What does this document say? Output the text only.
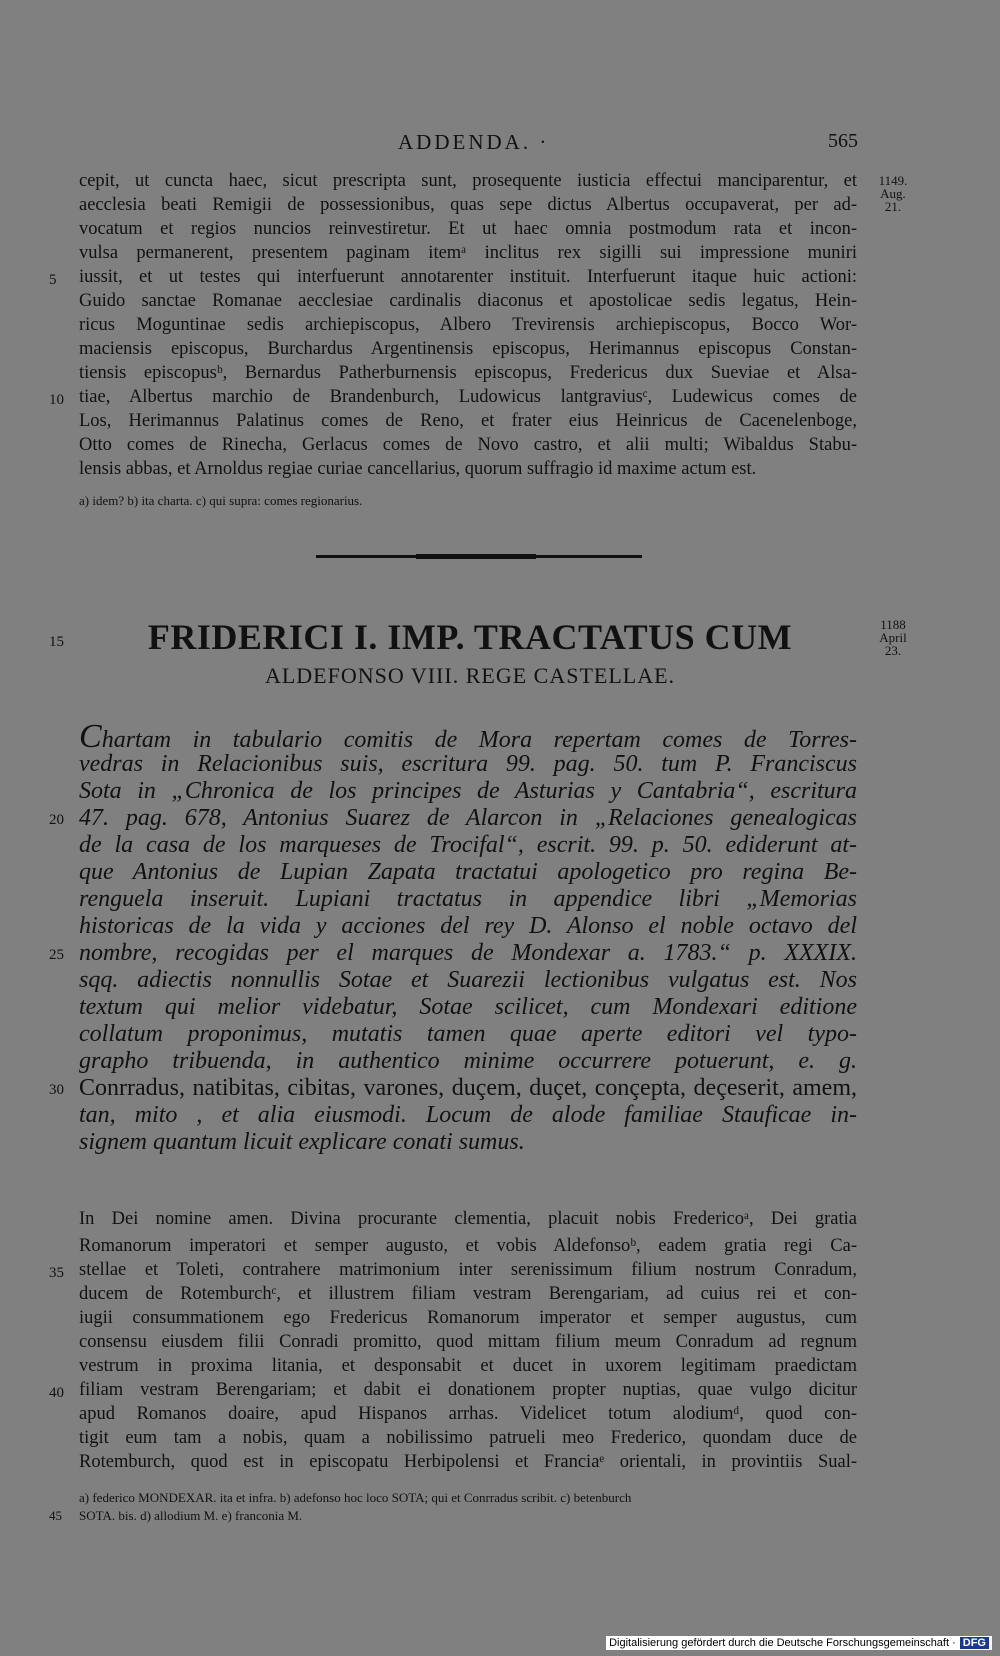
ADDENDA. ·	565
cepit, ut cuncta haec, sicut prescripta sunt, prosequente iusticia effectui manciparentur, et
aecclesia beati Remigii de possessionibus, quas sepe dictus Albertus occupaverat, per ad-
vocatum et regios nuncios reinvestiretur. Et ut haec omnia postmodum rata et incon-
vulsa permanerent, presentem paginam itemᵃ inclitus rex sigilli sui impressione muniri
iussit, et ut testes qui interfuerunt annotarenter instituit. Interfuerunt itaque huic actioni:
Guido sanctae Romanae aecclesiae cardinalis diaconus et apostolicae sedis legatus, Hein-
ricus Moguntinae sedis archiepiscopus, Albero Trevirensis archiepiscopus, Bocco Wor-
maciensis episcopus, Burchardus Argentinensis episcopus, Herimannus episcopus Constan-
tiensis episcopusᵇ, Bernardus Patherburnensis episcopus, Fredericus dux Sueviae et Alsa-
tiae, Albertus marchio de Brandenburch, Ludowicus lantgraviusᶜ, Ludewicus comes de
Los, Herimannus Palatinus comes de Reno, et frater eius Heinricus de Cacenelenboge,
Otto comes de Rinecha, Gerlacus comes de Novo castro, et alii multi; Wibaldus Stabu-
lensis abbas, et Arnoldus regiae curiae cancellarius, quorum suffragio id maxime actum est.
5
10
1149.
Aug.
21.
a) idem? b) ita charta. c) qui supra: comes regionarius.
15	FRIDERICI I. IMP. TRACTATUS CUM
ALDEFONSO VIII. REGE CASTELLAE.
1188
April
23.
Chartam in tabulario comitis de Mora repertam comes de Torres-
vedras in Relacionibus suis, escritura 99. pag. 50. tum P. Franciscus
Sota in „Chronica de los principes de Asturias y Cantabria“, escritura
47. pag. 678, Antonius Suarez de Alarcon in „Relaciones genealogicas
de la casa de los marqueses de Trocifal“, escrit. 99. p. 50. ediderunt at-
que Antonius de Lupian Zapata tractatui apologetico pro regina Be-
renguela inseruit. Lupiani tractatus in appendice libri „Memorias
historicas de la vida y acciones del rey D. Alonso el noble octavo del
nombre, recogidas per el marques de Mondexar a. 1783.“ p. XXXIX.
sqq. adiectis nonnullis Sotae et Suarezii lectionibus vulgatus est. Nos
textum qui melior videbatur, Sotae scilicet, cum Mondexari editione
collatum proponimus, mutatis tamen quae aperte editori vel typo-
grapho tribuenda, in authentico minime occurrere potuerunt, e. g.
Conrradus, natibitas, cibitas, varones, duçem, duçet, conçepta, deçeserit, amem,
tan, mito , et alia eiusmodi. Locum de alode familiae Stauficae in-
signem quantum licuit explicare conati sumus.
20
25
30
In Dei nomine amen. Divina procurante clementia, placuit nobis Fredericoᵃ, Dei gratia
Romanorum imperatori et semper augusto, et vobis Aldefonsoᵇ, eadem gratia regi Ca-
stellae et Toleti, contrahere matrimonium inter serenissimum filium nostrum Conradum,
ducem de Rotemburchᶜ, et illustrem filiam vestram Berengariam, ad cuius rei et con-
iugii consummationem ego Fredericus Romanorum imperator et semper augustus, cum
consensu eiusdem filii Conradi promitto, quod mittam filium meum Conradum ad regnum
vestrum in proxima litania, et desponsabit et ducet in uxorem legitimam praedictam
filiam vestram Berengariam; et dabit ei donationem propter nuptias, quae vulgo dicitur
apud Romanos doaire, apud Hispanos arrhas. Videlicet totum alodiumᵈ, quod con-
tigit eum tam a nobis, quam a nobilissimo patrueli meo Frederico, quondam duce de
Rotemburch, quod est in episcopatu Herbipolensi et Franciaᵉ orientali, in provintiis Sual-
35
40
a) federico MONDEXAR. ita et infra. b) adefonso hoc loco SOTA; qui et Conrradus scribit. c) betenburch
SOTA. bis. d) allodium M. e) franconia M.
45
Digitalisierung gefördert durch die Deutsche Forschungsgemeinschaft · DFG
